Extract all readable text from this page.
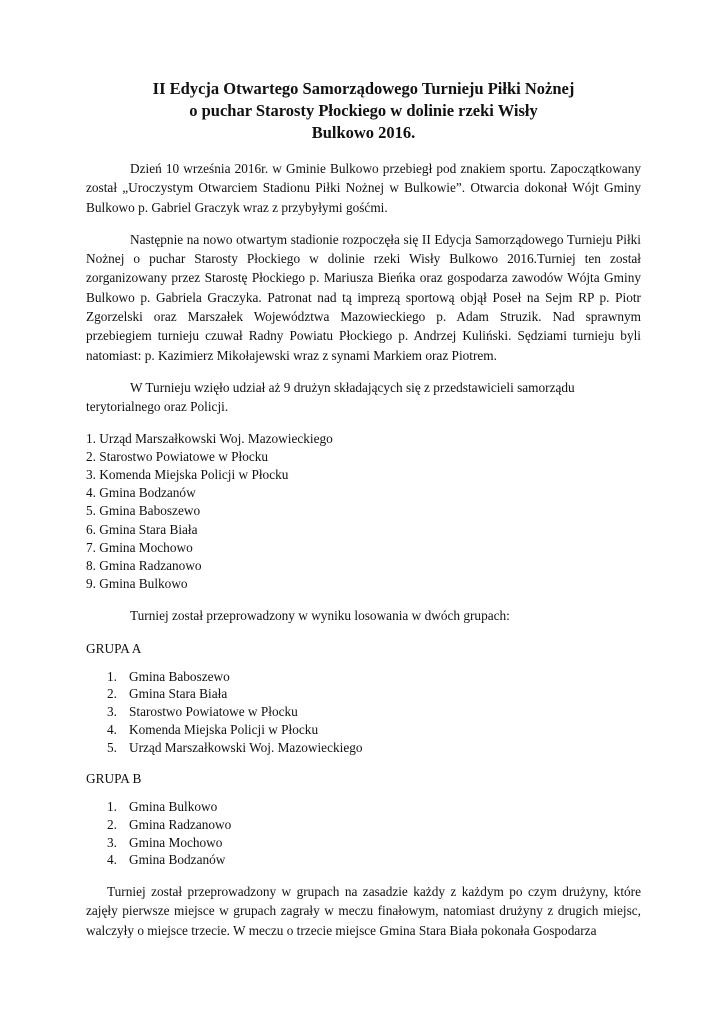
II Edycja Otwartego Samorządowego Turnieju Piłki Nożnej
o puchar Starosty Płockiego w dolinie rzeki Wisły
Bulkowo 2016.

Dzień 10 września 2016r. w Gminie Bulkowo przebiegł pod znakiem sportu. Zapoczątkowany został „Uroczystym Otwarciem Stadionu Piłki Nożnej w Bulkowie”. Otwarcia dokonał Wójt Gminy Bulkowo p. Gabriel Graczyk wraz z przybyłymi gośćmi.

Następnie na nowo otwartym stadionie rozpoczęła się II Edycja Samorządowego Turnieju Piłki Nożnej o puchar Starosty Płockiego w dolinie rzeki Wisły Bulkowo 2016.Turniej ten został zorganizowany przez Starostę Płockiego p. Mariusza Bieńka oraz gospodarza zawodów Wójta Gminy Bulkowo p. Gabriela Graczyka. Patronat nad tą imprezą sportową objął Poseł na Sejm RP p. Piotr Zgorzelski oraz Marszałek Województwa Mazowieckiego p. Adam Struzik. Nad sprawnym przebiegiem turnieju czuwał Radny Powiatu Płockiego p. Andrzej Kuliński. Sędziami turnieju byli natomiast: p. Kazimierz Mikołajewski wraz z synami Markiem oraz Piotrem.

W Turnieju wzięło udział aż 9 drużyn składających się z przedstawicieli samorządu terytorialnego oraz Policji.

1. Urząd Marszałkowski Woj. Mazowieckiego
2. Starostwo Powiatowe w Płocku
3. Komenda Miejska Policji w Płocku
4. Gmina Bodzanów
5. Gmina Baboszewo
6. Gmina Stara Biała
7. Gmina Mochowo
8. Gmina Radzanowo
9. Gmina Bulkowo

Turniej został przeprowadzony w wyniku losowania w dwóch grupach:

GRUPA A
1. Gmina Baboszewo
2. Gmina Stara Biała
3. Starostwo Powiatowe w Płocku
4. Komenda Miejska Policji w Płocku
5. Urząd Marszałkowski Woj. Mazowieckiego
GRUPA B
1. Gmina Bulkowo
2. Gmina Radzanowo
3. Gmina Mochowo
4. Gmina Bodzanów

Turniej został przeprowadzony w grupach na zasadzie każdy z każdym po czym drużyny, które zajęły pierwsze miejsce w grupach zagrały w meczu finałowym, natomiast drużyny z drugich miejsc, walczyły o miejsce trzecie. W meczu o trzecie miejsce Gmina Stara Biała pokonała Gospodarza
